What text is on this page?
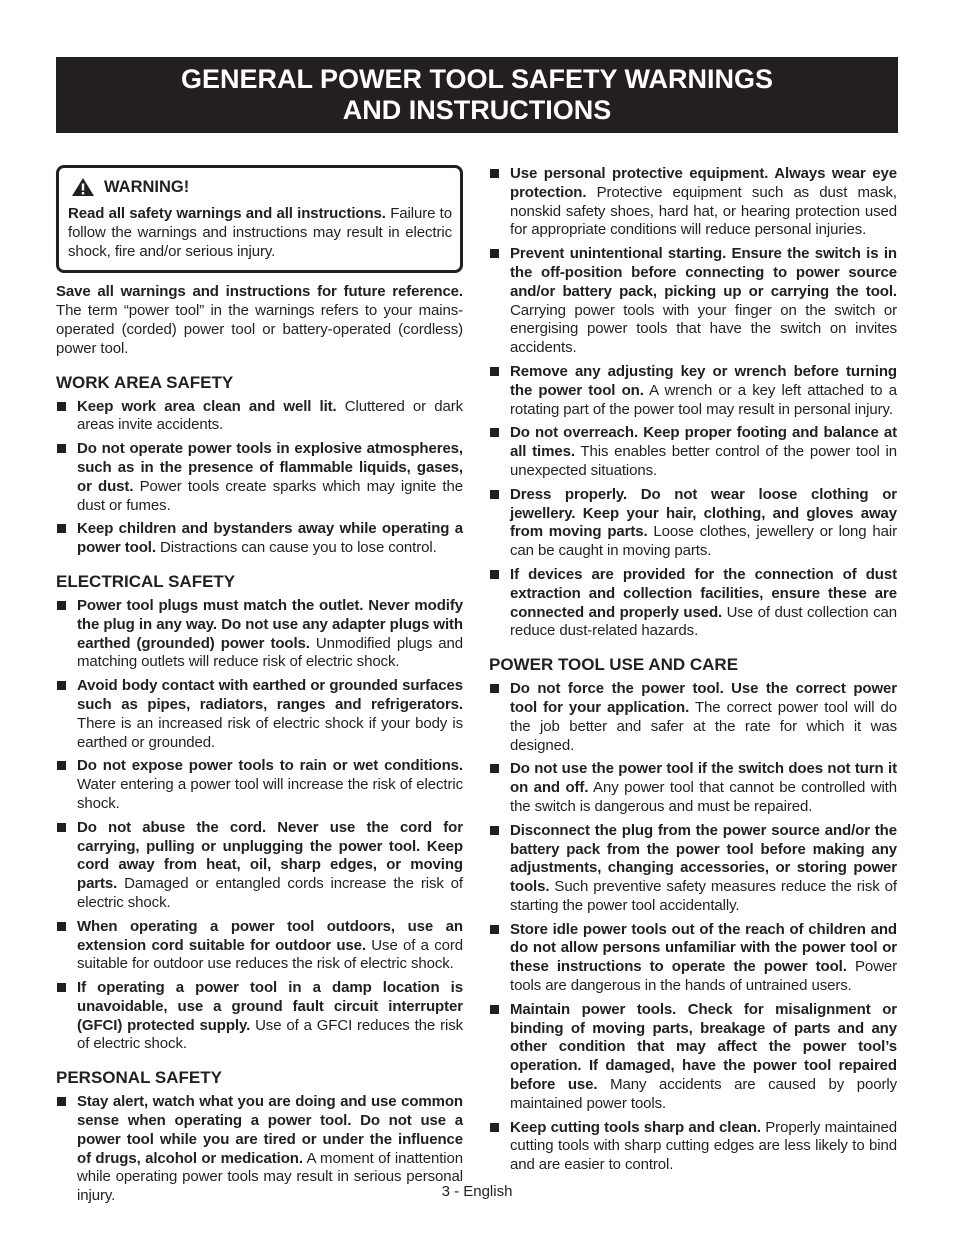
GENERAL POWER TOOL SAFETY WARNINGS
AND INSTRUCTIONS
WARNING!

Read all safety warnings and all instructions. Failure to follow the warnings and instructions may result in electric shock, fire and/or serious injury.

Save all warnings and instructions for future reference. The term “power tool” in the warnings refers to your mains-operated (corded) power tool or battery-operated (cordless) power tool.

WORK AREA SAFETY
Keep work area clean and well lit. Cluttered or dark areas invite accidents.
Do not operate power tools in explosive atmospheres, such as in the presence of flammable liquids, gases, or dust. Power tools create sparks which may ignite the dust or fumes.
Keep children and bystanders away while operating a power tool. Distractions can cause you to lose control.
ELECTRICAL SAFETY
Power tool plugs must match the outlet. Never modify the plug in any way. Do not use any adapter plugs with earthed (grounded) power tools. Unmodified plugs and matching outlets will reduce risk of electric shock.
Avoid body contact with earthed or grounded surfaces such as pipes, radiators, ranges and refrigerators. There is an increased risk of electric shock if your body is earthed or grounded.
Do not expose power tools to rain or wet conditions. Water entering a power tool will increase the risk of electric shock.
Do not abuse the cord. Never use the cord for carrying, pulling or unplugging the power tool. Keep cord away from heat, oil, sharp edges, or moving parts. Damaged or entangled cords increase the risk of electric shock.
When operating a power tool outdoors, use an extension cord suitable for outdoor use. Use of a cord suitable for outdoor use reduces the risk of electric shock.
If operating a power tool in a damp location is unavoidable, use a ground fault circuit interrupter (GFCI) protected supply. Use of a GFCI reduces the risk of electric shock.
PERSONAL SAFETY
Stay alert, watch what you are doing and use common sense when operating a power tool. Do not use a power tool while you are tired or under the influence of drugs, alcohol or medication. A moment of inattention while operating power tools may result in serious personal injury.
Use personal protective equipment. Always wear eye protection. Protective equipment such as dust mask, nonskid safety shoes, hard hat, or hearing protection used for appropriate conditions will reduce personal injuries.
Prevent unintentional starting. Ensure the switch is in the off-position before connecting to power source and/or battery pack, picking up or carrying the tool. Carrying power tools with your finger on the switch or energising power tools that have the switch on invites accidents.
Remove any adjusting key or wrench before turning the power tool on. A wrench or a key left attached to a rotating part of the power tool may result in personal injury.
Do not overreach. Keep proper footing and balance at all times. This enables better control of the power tool in unexpected situations.
Dress properly. Do not wear loose clothing or jewellery. Keep your hair, clothing, and gloves away from moving parts. Loose clothes, jewellery or long hair can be caught in moving parts.
If devices are provided for the connection of dust extraction and collection facilities, ensure these are connected and properly used. Use of dust collection can reduce dust-related hazards.
POWER TOOL USE AND CARE
Do not force the power tool. Use the correct power tool for your application. The correct power tool will do the job better and safer at the rate for which it was designed.
Do not use the power tool if the switch does not turn it on and off. Any power tool that cannot be controlled with the switch is dangerous and must be repaired.
Disconnect the plug from the power source and/or the battery pack from the power tool before making any adjustments, changing accessories, or storing power tools. Such preventive safety measures reduce the risk of starting the power tool accidentally.
Store idle power tools out of the reach of children and do not allow persons unfamiliar with the power tool or these instructions to operate the power tool. Power tools are dangerous in the hands of untrained users.
Maintain power tools. Check for misalignment or binding of moving parts, breakage of parts and any other condition that may affect the power tool’s operation. If damaged, have the power tool repaired before use. Many accidents are caused by poorly maintained power tools.
Keep cutting tools sharp and clean. Properly maintained cutting tools with sharp cutting edges are less likely to bind and are easier to control.
3 - English
